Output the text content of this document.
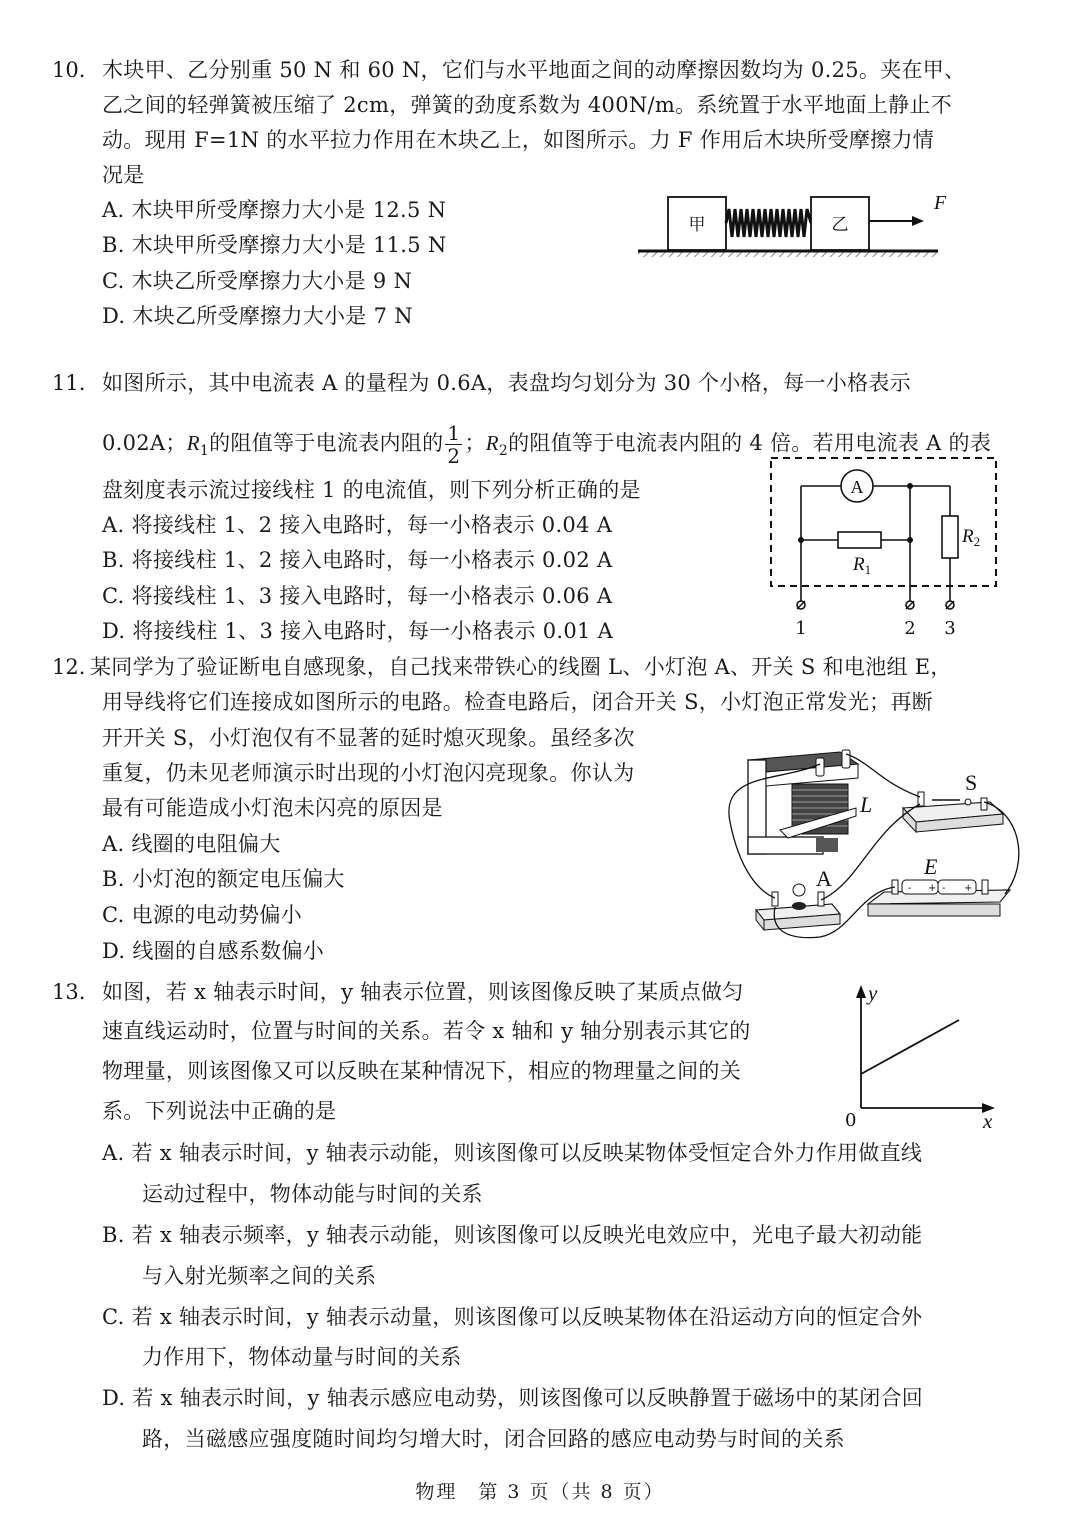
10. 木块甲、乙分别重 50 N 和 60 N，它们与水平地面之间的动摩擦因数均为 0.25。夹在甲、
乙之间的轻弹簧被压缩了 2cm，弹簧的劲度系数为 400N/m。系统置于水平地面上静止不
动。现用 F=1N 的水平拉力作用在木块乙上，如图所示。力 F 作用后木块所受摩擦力情
况是
A. 木块甲所受摩擦力大小是 12.5 N
B. 木块甲所受摩擦力大小是 11.5 N
C. 木块乙所受摩擦力大小是 9 N
D. 木块乙所受摩擦力大小是 7 N
甲	乙
F
11. 如图所示，其中电流表 A 的量程为 0.6A，表盘均匀划分为 30 个小格，每一小格表示
0.02A；$R_1$的阻值等于电流表内阻的 $\frac{1}{2}$ ；$R_2$的阻值等于电流表内阻的 4 倍。若用电流表 A 的表
盘刻度表示流过接线柱 1 的电流值，则下列分析正确的是
A. 将接线柱 1、2 接入电路时，每一小格表示 0.04 A
B. 将接线柱 1、2 接入电路时，每一小格表示 0.02 A
C. 将接线柱 1、3 接入电路时，每一小格表示 0.06 A
D. 将接线柱 1、3 接入电路时，每一小格表示 0.01 A
A
$R_1$
$R_2$
1	2 3
12. 某同学为了验证断电自感现象，自己找来带铁心的线圈 L、小灯泡 A、开关 S 和电池组 E，
用导线将它们连接成如图所示的电路。检查电路后，闭合开关 S，小灯泡正常发光；再断
开开关 S，小灯泡仅有不显著的延时熄灭现象。虽经多次
重复，仍未见老师演示时出现的小灯泡闪亮现象。你认为
最有可能造成小灯泡未闪亮的原因是
A. 线圈的电阻偏大
B. 小灯泡的额定电压偏大
C. 电源的电动势偏小
D. 线圈的自感系数偏小
L
S
- + - +
E
A
13. 如图，若 x 轴表示时间，y 轴表示位置，则该图像反映了某质点做匀
速直线运动时，位置与时间的关系。若令 x 轴和 y 轴分别表示其它的
物理量，则该图像又可以反映在某种情况下，相应的物理量之间的关
系。下列说法中正确的是
A. 若 x 轴表示时间，y 轴表示动能，则该图像可以反映某物体受恒定合外力作用做直线
运动过程中，物体动能与时间的关系
B. 若 x 轴表示频率，y 轴表示动能，则该图像可以反映光电效应中，光电子最大初动能
与入射光频率之间的关系
C. 若 x 轴表示时间，y 轴表示动量，则该图像可以反映某物体在沿运动方向的恒定合外
力作用下，物体动量与时间的关系
D. 若 x 轴表示时间，y 轴表示感应电动势，则该图像可以反映静置于磁场中的某闭合回
路，当磁感应强度随时间均匀增大时，闭合回路的感应电动势与时间的关系
y
x
0
物理　第 3 页（共 8 页）
